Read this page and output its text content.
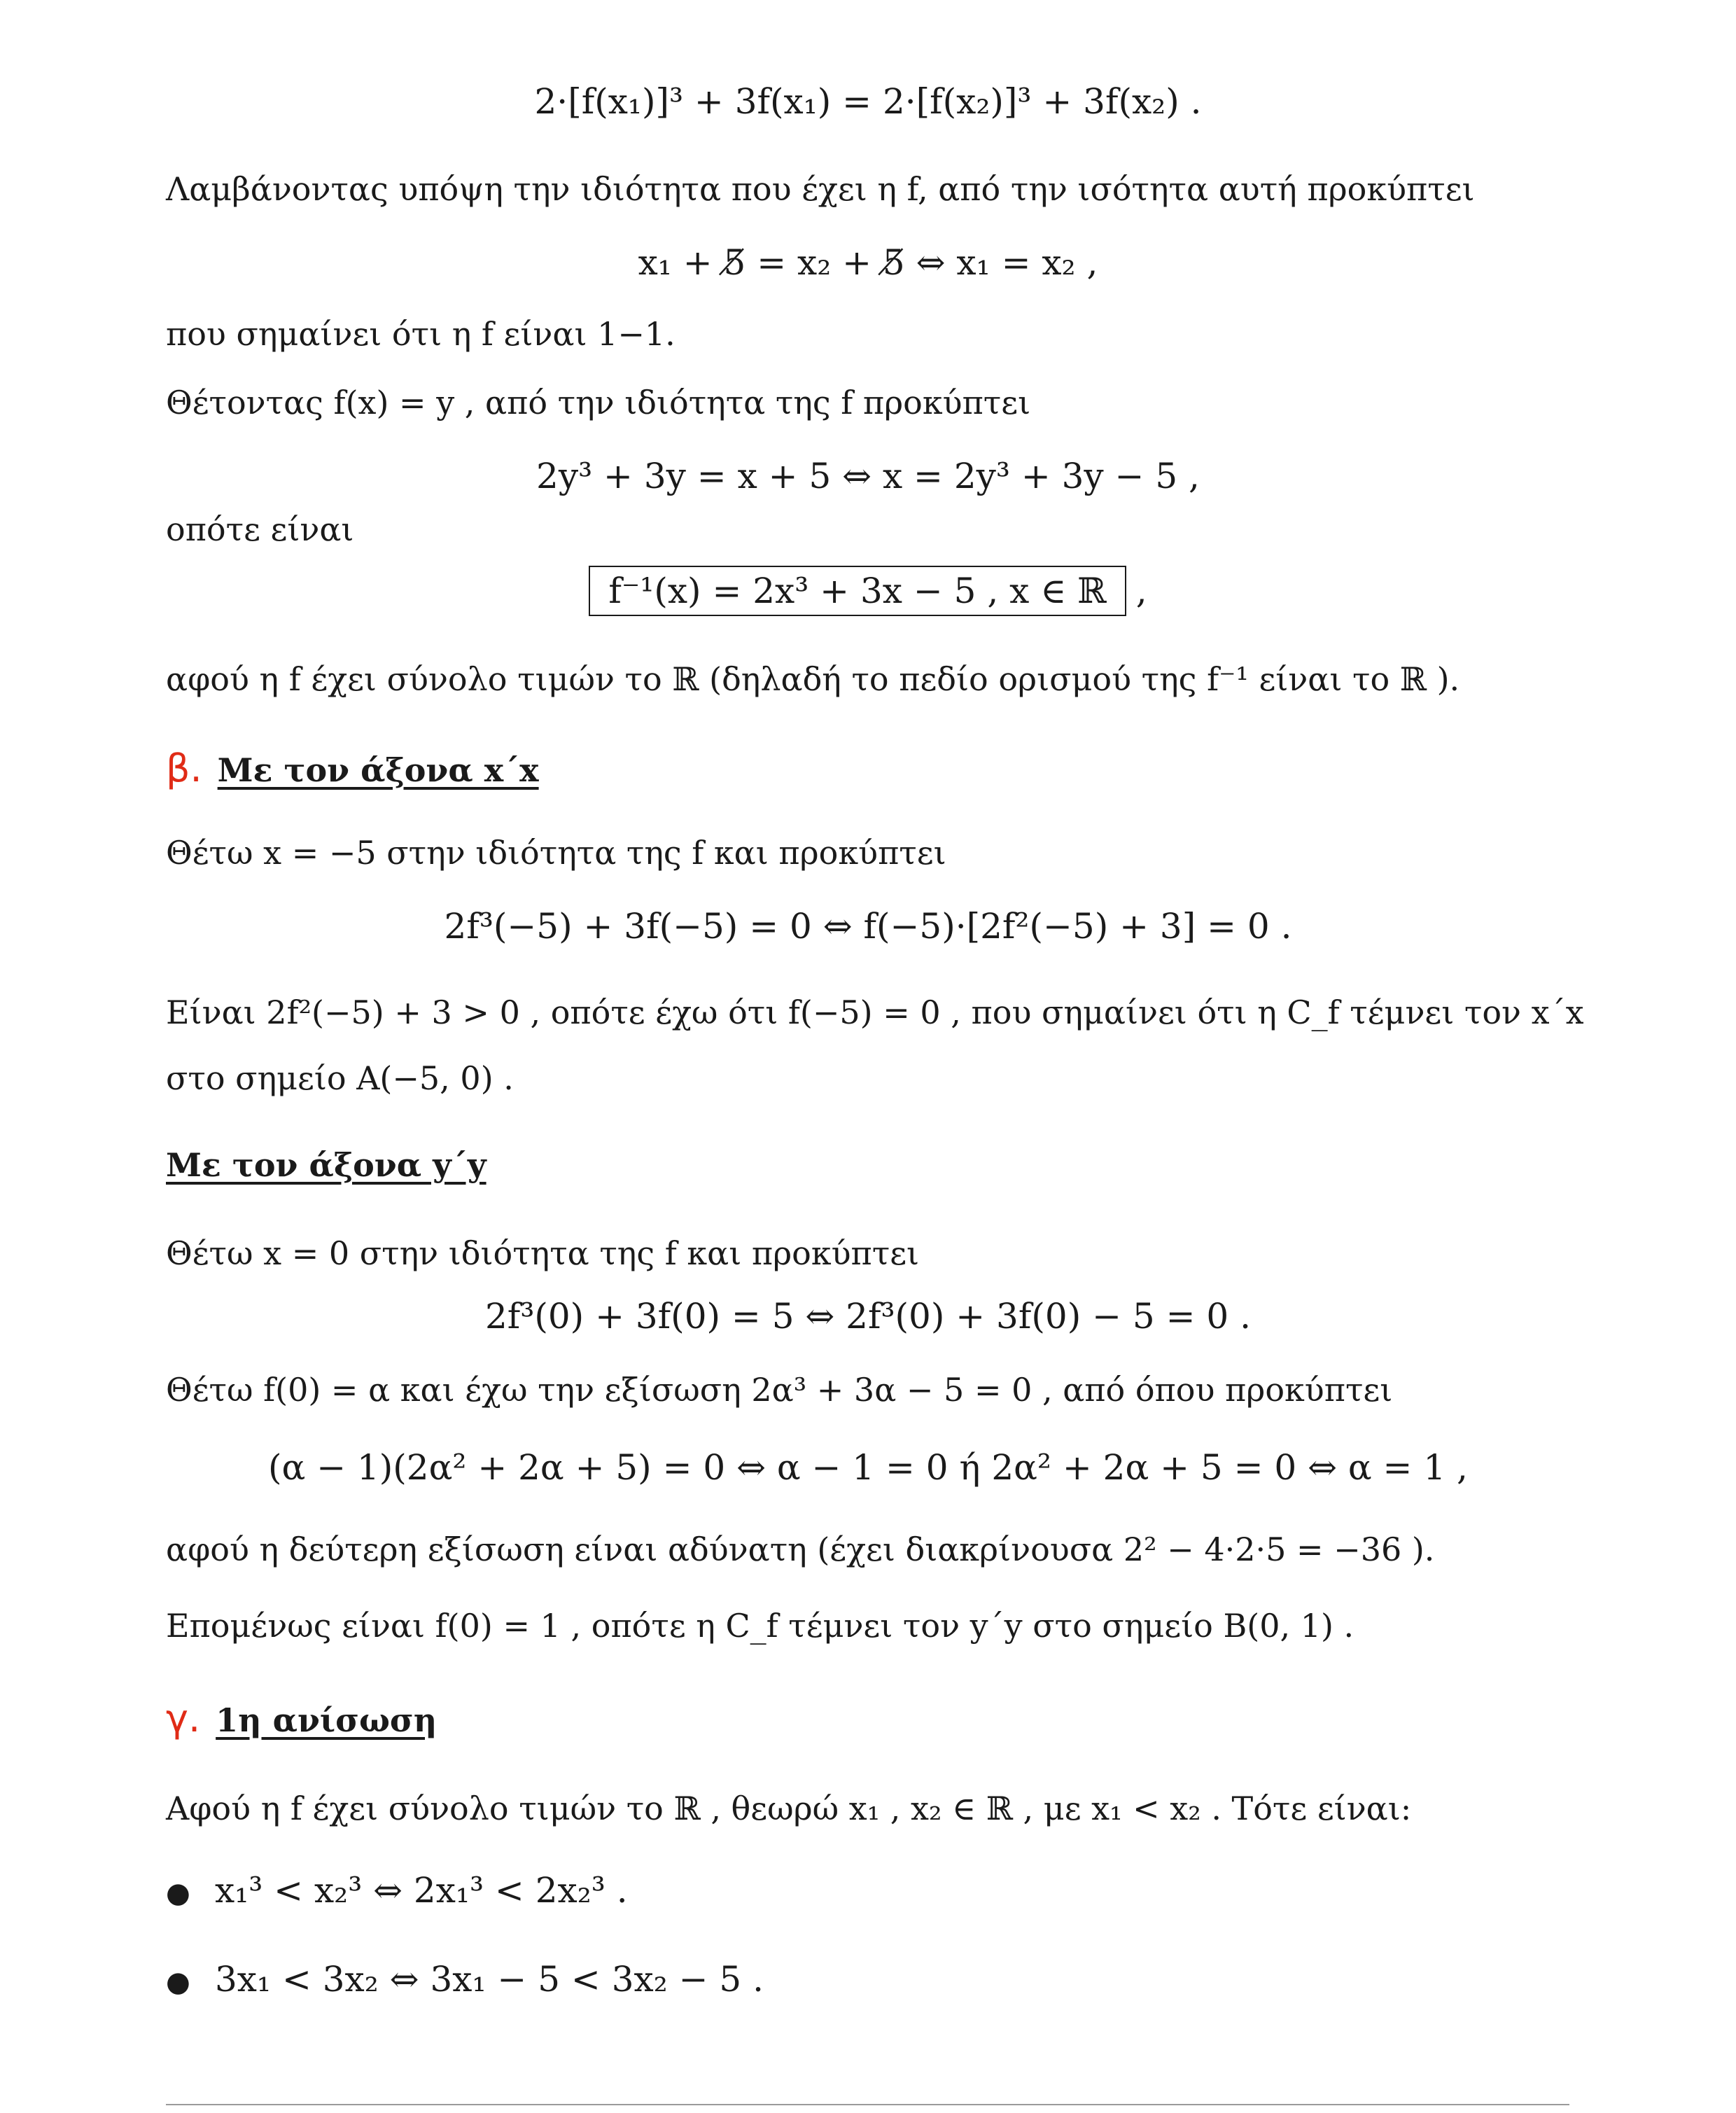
2·[f(x₁)]³ + 3f(x₁) = 2·[f(x₂)]³ + 3f(x₂) .
Λαμβάνοντας υπόψη την ιδιότητα που έχει η f, από την ισότητα αυτή προκύπτει
x₁ + 5̸ = x₂ + 5̸ ⇔ x₁ = x₂ ,
που σημαίνει ότι η f είναι 1−1.
Θέτοντας f(x) = y , από την ιδιότητα της f προκύπτει
2y³ + 3y = x + 5 ⇔ x = 2y³ + 3y − 5 ,
οπότε είναι
f⁻¹(x) = 2x³ + 3x − 5 , x ∈ ℝ ,
αφού η f έχει σύνολο τιμών το ℝ (δηλαδή το πεδίο ορισμού της f⁻¹ είναι το ℝ ).
β. Με τον άξονα x΄x
Θέτω x = −5 στην ιδιότητα της f και προκύπτει
2f³(−5) + 3f(−5) = 0 ⇔ f(−5)·[2f²(−5) + 3] = 0 .
Είναι 2f²(−5) + 3 > 0 , οπότε έχω ότι f(−5) = 0 , που σημαίνει ότι η C_f τέμνει τον x΄x
στο σημείο A(−5, 0) .
Με τον άξονα y΄y
Θέτω x = 0 στην ιδιότητα της f και προκύπτει
2f³(0) + 3f(0) = 5 ⇔ 2f³(0) + 3f(0) − 5 = 0 .
Θέτω f(0) = α και έχω την εξίσωση 2α³ + 3α − 5 = 0 , από όπου προκύπτει
(α − 1)(2α² + 2α + 5) = 0 ⇔ α − 1 = 0 ή 2α² + 2α + 5 = 0 ⇔ α = 1 ,
αφού η δεύτερη εξίσωση είναι αδύνατη (έχει διακρίνουσα 2² − 4·2·5 = −36 ).
Επομένως είναι f(0) = 1 , οπότε η C_f τέμνει τον y΄y στο σημείο B(0, 1) .
γ. 1η ανίσωση
Αφού η f έχει σύνολο τιμών το ℝ , θεωρώ x₁ , x₂ ∈ ℝ , με x₁ < x₂ . Τότε είναι:
● x₁³ < x₂³ ⇔ 2x₁³ < 2x₂³ .
● 3x₁ < 3x₂ ⇔ 3x₁ − 5 < 3x₂ − 5 .
